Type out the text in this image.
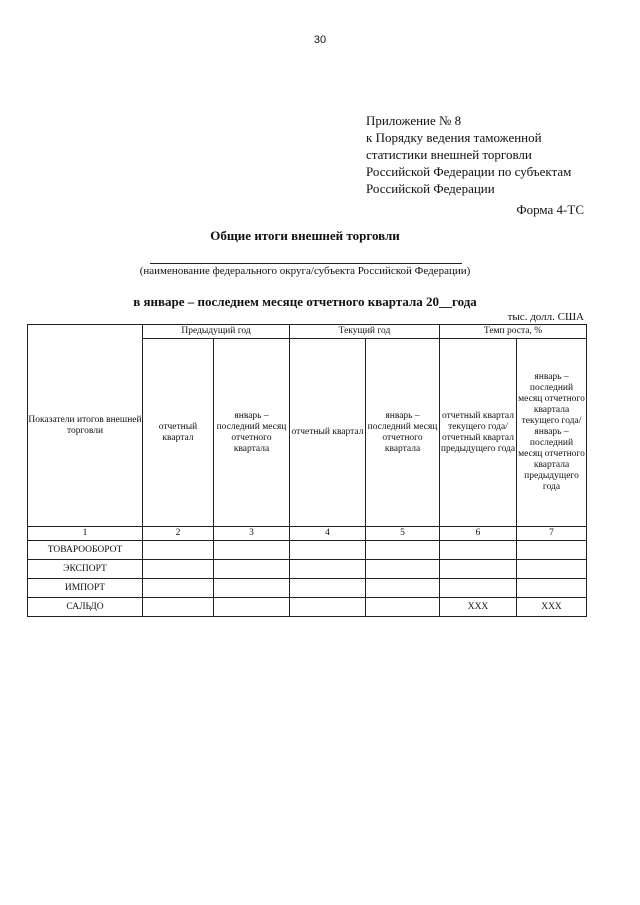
30
Приложение № 8
к Порядку ведения таможенной
статистики внешней торговли
Российской Федерации по субъектам
Российской Федерации
Форма 4-ТС
Общие итоги внешней торговли
(наименование федерального округа/субъекта Российской Федерации)
в январе – последнем месяце отчетного квартала 20__года
тыс. долл. США
Показатели итогов внешней торговли	Предыдущий год		Текущий год		Темп роста, %	
	отчетный квартал	январь – последний месяц отчетного квартала	отчетный квартал	январь – последний месяц отчетного квартала	отчетный квартал текущего года/отчетный квартал предыдущего года	январь – последний месяц отчетного квартала текущего года/январь – последний месяц отчетного квартала предыдущего года
1	2	3	4	5	6	7
ТОВАРООБОРОТ						
ЭКСПОРТ						
ИМПОРТ						
САЛЬДО					XXX	XXX
